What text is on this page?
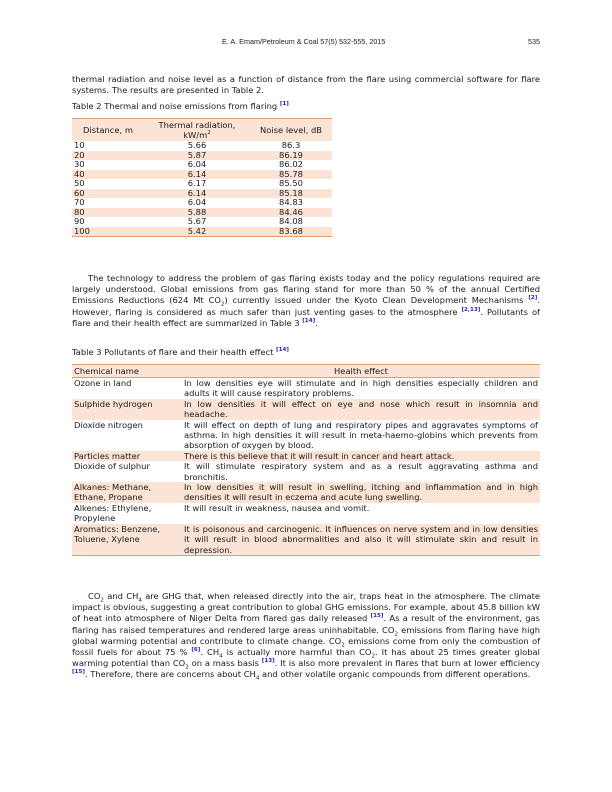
E. A. Emam/Petroleum & Coal 57(5) 532-555, 2015	535

thermal radiation and noise level as a function of distance from the flare using commercial software for flare systems. The results are presented in Table 2.

Table 2 Thermal and noise emissions from flaring [1]
Distance, m	Thermal radiation, $kW/m^2$	Noise level, dB
10	5.66	86.3
20	5.87	86.19
30	6.04	86.02
40	6.14	85.78
50	6.17	85.50
60	6.14	85.18
70	6.04	84.83
80	5.88	84.46
90	5.67	84.08
100	5.42	83.68

The technology to address the problem of gas flaring exists today and the policy regulations required are largely understood. Global emissions from gas flaring stand for more than 50 % of the annual Certified Emissions Reductions (624 Mt $CO_2$) currently issued under the Kyoto Clean Development Mechanisms [2]. However, flaring is considered as much safer than just venting gases to the atmosphere [2,13]. Pollutants of flare and their health effect are summarized in Table 3 [14].

Table 3 Pollutants of flare and their health effect [14]
Chemical name	Health effect
Ozone in land	In low densities eye will stimulate and in high densities especially children and adults it will cause respiratory problems.
Sulphide hydrogen	In low densities it will effect on eye and nose which result in insomnia and headache.
Dioxide nitrogen	It will effect on depth of lung and respiratory pipes and aggravates symptoms of asthma. In high densities it will result in meta-haemo-globins which prevents from absorption of oxygen by blood.
Particles matter	There is this believe that it will result in cancer and heart attack.
Dioxide of sulphur	It will stimulate respiratory system and as a result aggravating asthma and bronchitis.
Alkanes: Methane, Ethane, Propane	In low densities it will result in swelling, itching and inflammation and in high densities it will result in eczema and acute lung swelling.
Alkenes: Ethylene, Propylene	It will result in weakness, nausea and vomit.
Aromatics: Benzene, Toluene, Xylene	It is poisonous and carcinogenic. It influences on nerve system and in low densities it will result in blood abnormalities and also it will stimulate skin and result in depression.

$CO_2$ and $CH_4$ are GHG that, when released directly into the air, traps heat in the atmosphere. The climate impact is obvious, suggesting a great contribution to global GHG emissions. For example, about 45.8 billion kW of heat into atmosphere of Niger Delta from flared gas daily released [15]. As a result of the environment, gas flaring has raised temperatures and rendered large areas uninhabitable. $CO_2$ emissions from flaring have high global warming potential and contribute to climate change. $CO_2$ emissions come from only the combustion of fossil fuels for about 75 % [6]. $CH_4$ is actually more harmful than $CO_2$. It has about 25 times greater global warming potential than $CO_2$ on a mass basis [13]. It is also more prevalent in flares that burn at lower efficiency [15]. Therefore, there are concerns about $CH_4$ and other volatile organic compounds from different operations.
